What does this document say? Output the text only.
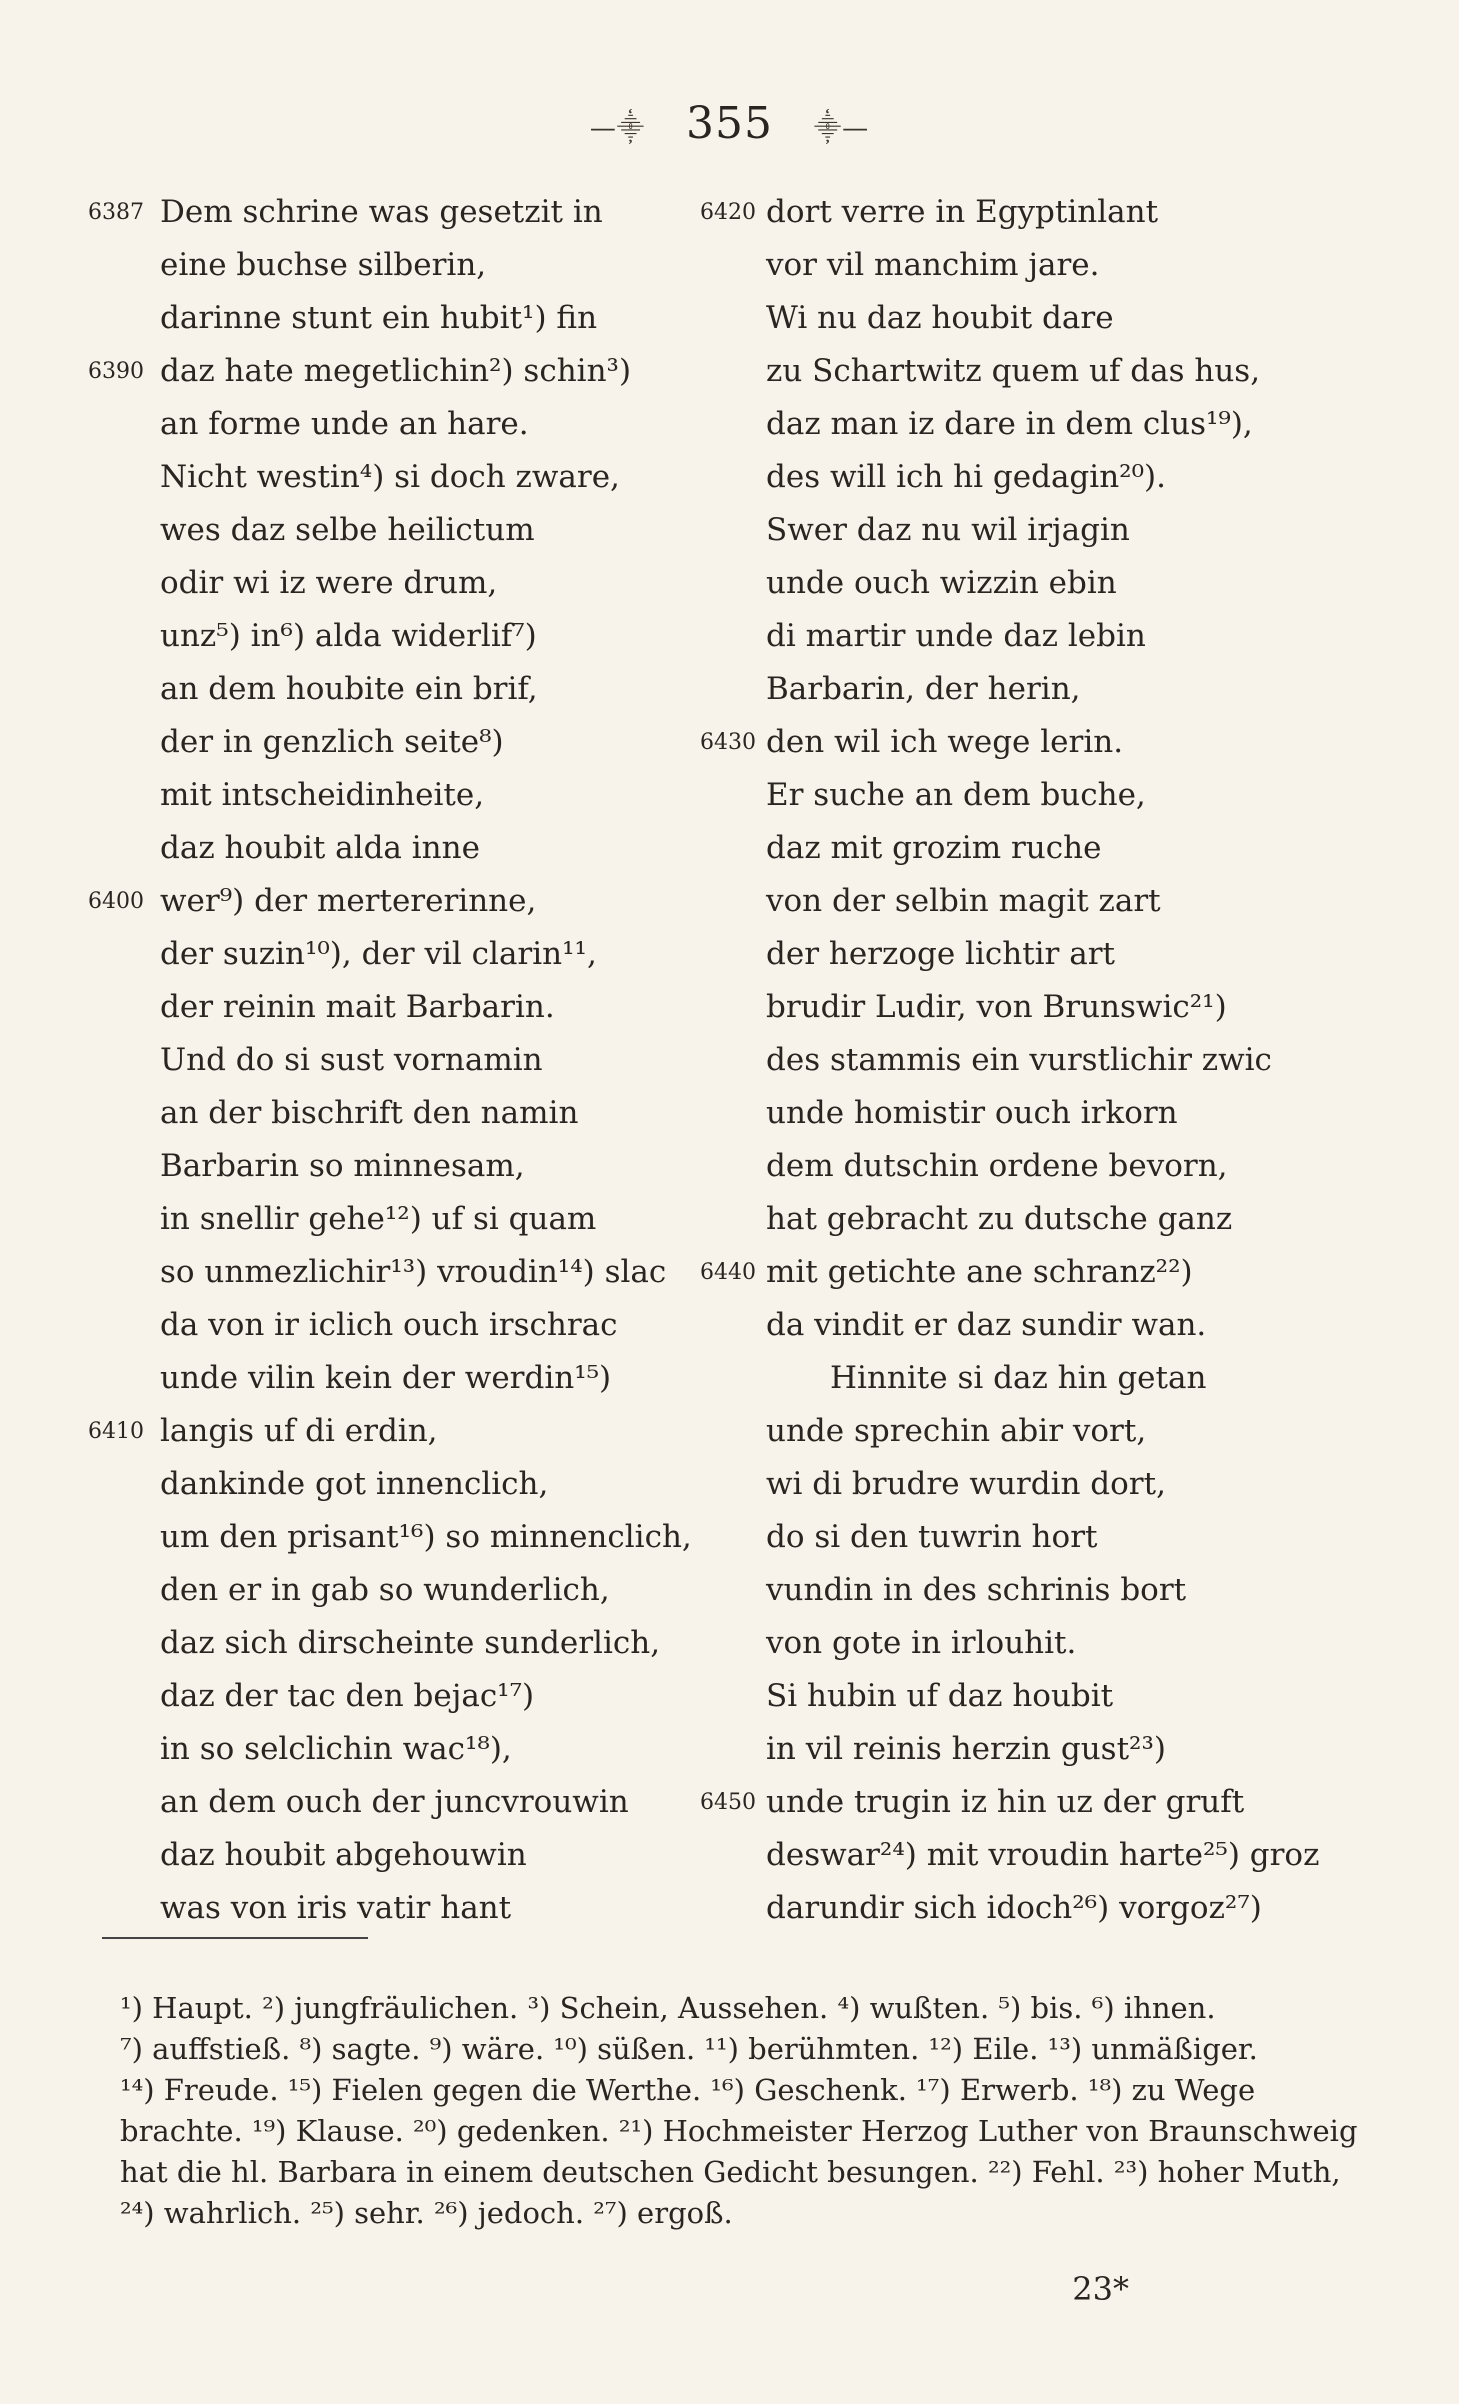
—⸎ 355 ⸎—
6387 Dem schrine was gesetzit in
eine buchse silberin,
darinne stunt ein hubit¹) fin
6390 daz hate megetlichin²) schin³)
an forme unde an hare.
Nicht westin⁴) si doch zware,
wes daz selbe heilictum
odir wi iz were drum,
unz⁵) in⁶) alda widerlif⁷)
an dem houbite ein brif,
der in genzlich seite⁸)
mit intscheidinheite,
daz houbit alda inne
6400 wer⁹) der mertererinne,
der suzin¹⁰), der vil clarin¹¹,
der reinin mait Barbarin.
Und do si sust vornamin
an der bischrift den namin
Barbarin so minnesam,
in snellir gehe¹²) uf si quam
so unmezlichir¹³) vroudin¹⁴) slac
da von ir iclich ouch irschrac
unde vilin kein der werdin¹⁵)
6410 langis uf di erdin,
dankinde got innenclich,
um den prisant¹⁶) so minnenclich,
den er in gab so wunderlich,
daz sich dirscheinte sunderlich,
daz der tac den bejac¹⁷)
in so selclichin wac¹⁸),
an dem ouch der juncvrouwin
daz houbit abgehouwin
was von iris vatir hant
6420 dort verre in Egyptinlant
vor vil manchim jare.
Wi nu daz houbit dare
zu Schartwitz quem uf das hus,
daz man iz dare in dem clus¹⁹),
des will ich hi gedagin²⁰).
Swer daz nu wil irjagin
unde ouch wizzin ebin
di martir unde daz lebin
Barbarin, der herin,
6430 den wil ich wege lerin.
Er suche an dem buche,
daz mit grozim ruche
von der selbin magit zart
der herzoge lichtir art
brudir Ludir, von Brunswic²¹)
des stammis ein vurstlichir zwic
unde homistir ouch irkorn
dem dutschin ordene bevorn,
hat gebracht zu dutsche ganz
6440 mit getichte ane schranz²²)
da vindit er daz sundir wan.
Hinnite si daz hin getan
unde sprechin abir vort,
wi di brudre wurdin dort,
do si den tuwrin hort
vundin in des schrinis bort
von gote in irlouhit.
Si hubin uf daz houbit
in vil reinis herzin gust²³)
6450 unde trugin iz hin uz der gruft
deswar²⁴) mit vroudin harte²⁵) groz
darundir sich idoch²⁶) vorgoz²⁷)
¹) Haupt. ²) jungfräulichen. ³) Schein, Aussehen. ⁴) wußten. ⁵) bis. ⁶) ihnen.
⁷) auffstieß. ⁸) sagte. ⁹) wäre. ¹⁰) süßen. ¹¹) berühmten. ¹²) Eile. ¹³) unmäßiger.
¹⁴) Freude. ¹⁵) Fielen gegen die Werthe. ¹⁶) Geschenk. ¹⁷) Erwerb. ¹⁸) zu Wege
brachte. ¹⁹) Klause. ²⁰) gedenken. ²¹) Hochmeister Herzog Luther von Braunschweig
hat die hl. Barbara in einem deutschen Gedicht besungen. ²²) Fehl. ²³) hoher Muth,
²⁴) wahrlich. ²⁵) sehr. ²⁶) jedoch. ²⁷) ergoß.
23*
